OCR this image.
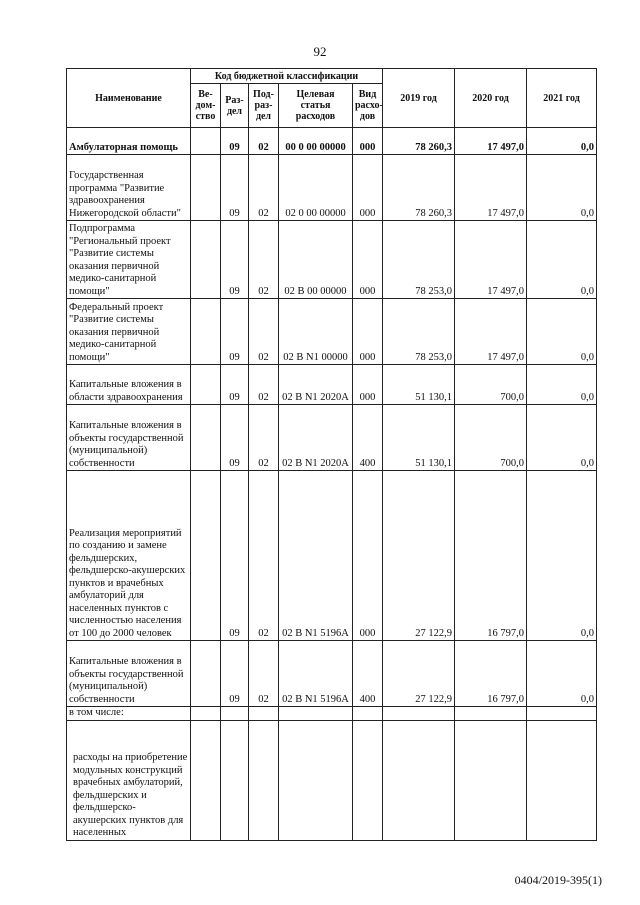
92
Наименование	Код бюджетной классификации					2019 год	2020 год	2021 год
	Ве- дом- ство	Раз- дел	Под- раз- дел	Целевая статья расходов	Вид расхо- дов			
Амбулаторная помощь		09	02	00 0 00 00000	000	78 260,3	17 497,0	0,0
Государственная программа "Развитие здравоохранения Нижегородской области"		09	02	02 0 00 00000	000	78 260,3	17 497,0	0,0
Подпрограмма "Региональный проект "Развитие системы оказания первичной медико-санитарной помощи"		09	02	02 В 00 00000	000	78 253,0	17 497,0	0,0
Федеральный проект "Развитие системы оказания первичной медико-санитарной помощи"		09	02	02 В N1 00000	000	78 253,0	17 497,0	0,0
Капитальные вложения в области здравоохранения		09	02	02 В N1 2020А	000	51 130,1	700,0	0,0
Капитальные вложения в объекты государственной (муниципальной) собственности		09	02	02 В N1 2020А	400	51 130,1	700,0	0,0
Реализация мероприятий по созданию и замене фельдшерских, фельдшерско-акушерских пунктов и врачебных амбулаторий для населенных пунктов с численностью населения от 100 до 2000 человек		09	02	02 В N1 5196А	000	27 122,9	16 797,0	0,0
Капитальные вложения в объекты государственной (муниципальной) собственности		09	02	02 В N1 5196А	400	27 122,9	16 797,0	0,0
в том числе:								
расходы на приобретение модульных конструкций врачебных амбулаторий, фельдшерских и фельдшерско-акушерских пунктов для населенных								
0404/2019-395(1)
